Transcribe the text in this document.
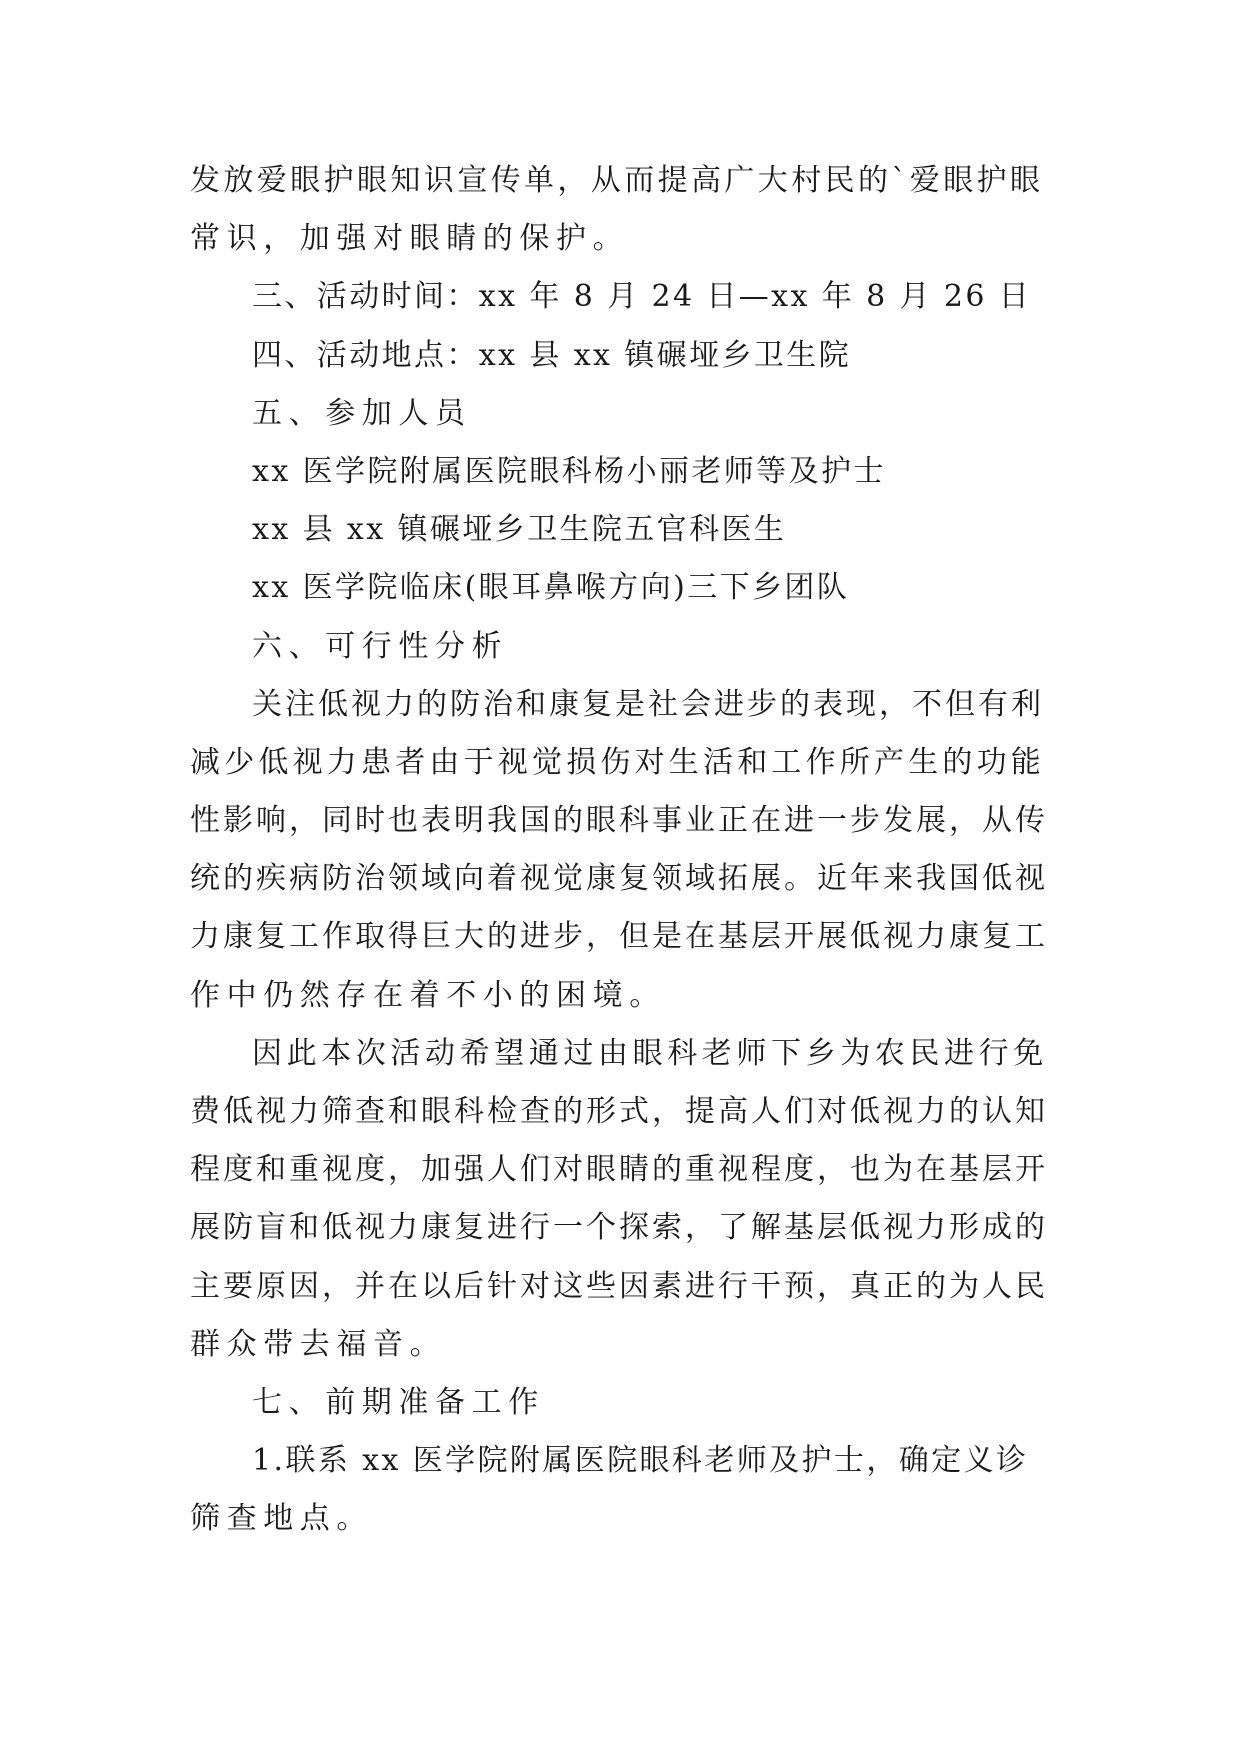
发放爱眼护眼知识宣传单，从而提高广大村民的`爱眼护眼
常识，加强对眼睛的保护。
三、活动时间：xx 年 8 月 24 日—xx 年 8 月 26 日
四、活动地点：xx 县 xx 镇碾垭乡卫生院
五、参加人员
xx 医学院附属医院眼科杨小丽老师等及护士
xx 县 xx 镇碾垭乡卫生院五官科医生
xx 医学院临床(眼耳鼻喉方向)三下乡团队
六、可行性分析
关注低视力的防治和康复是社会进步的表现，不但有利
减少低视力患者由于视觉损伤对生活和工作所产生的功能
性影响，同时也表明我国的眼科事业正在进一步发展，从传
统的疾病防治领域向着视觉康复领域拓展。近年来我国低视
力康复工作取得巨大的进步，但是在基层开展低视力康复工
作中仍然存在着不小的困境。
因此本次活动希望通过由眼科老师下乡为农民进行免
费低视力筛查和眼科检查的形式，提高人们对低视力的认知
程度和重视度，加强人们对眼睛的重视程度，也为在基层开
展防盲和低视力康复进行一个探索，了解基层低视力形成的
主要原因，并在以后针对这些因素进行干预，真正的为人民
群众带去福音。
七、前期准备工作
1.联系 xx 医学院附属医院眼科老师及护士，确定义诊
筛查地点。
